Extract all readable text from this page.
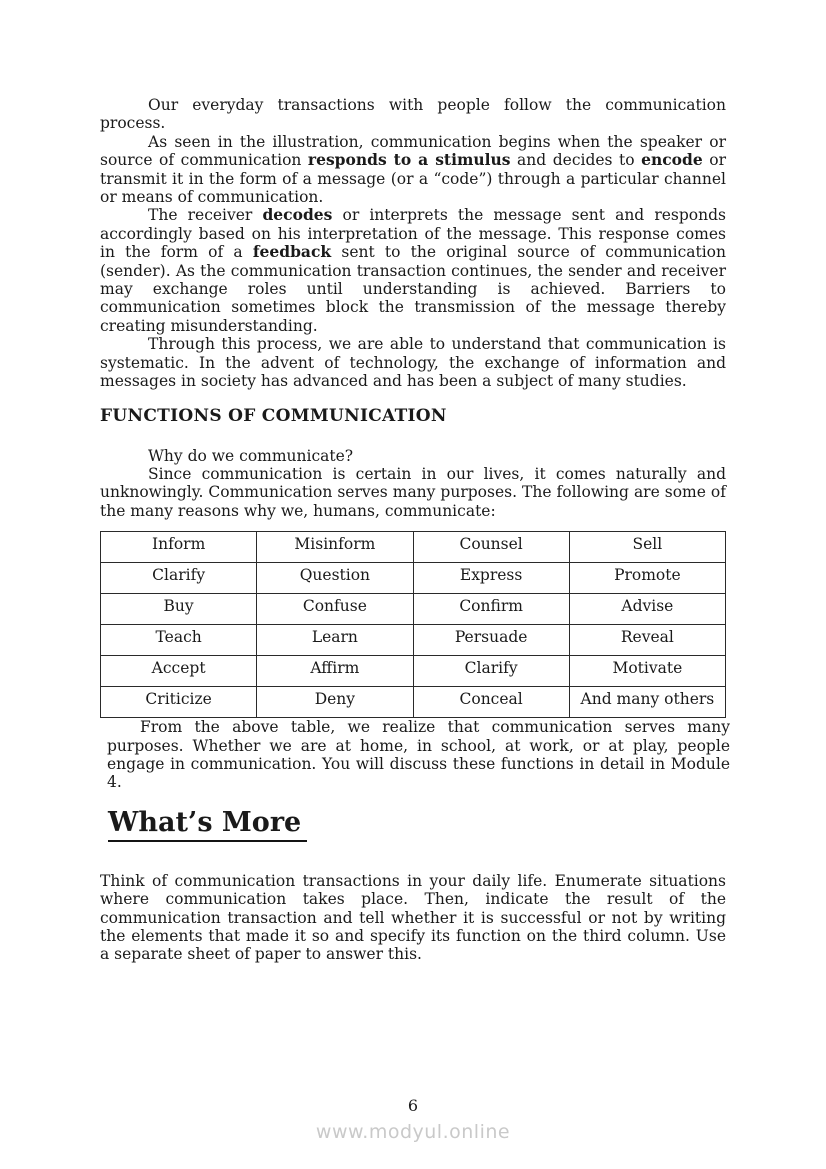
Our everyday transactions with people follow the communication process.

As seen in the illustration, communication begins when the speaker or source of communication responds to a stimulus and decides to encode or transmit it in the form of a message (or a “code”) through a particular channel or means of communication.

The receiver decodes or interprets the message sent and responds accordingly based on his interpretation of the message. This response comes in the form of a feedback sent to the original source of communication (sender). As the communication transaction continues, the sender and receiver may exchange roles until understanding is achieved. Barriers to communication sometimes block the transmission of the message thereby creating misunderstanding.

Through this process, we are able to understand that communication is systematic. In the advent of technology, the exchange of information and messages in society has advanced and has been a subject of many studies.

FUNCTIONS OF COMMUNICATION

Why do we communicate?

Since communication is certain in our lives, it comes naturally and unknowingly. Communication serves many purposes. The following are some of the many reasons why we, humans, communicate:

Inform	Misinform	Counsel	Sell
Clarify	Question	Express	Promote
Buy	Confuse	Confirm	Advise
Teach	Learn	Persuade	Reveal
Accept	Affirm	Clarify	Motivate
Criticize	Deny	Conceal	And many others

From the above table, we realize that communication serves many purposes. Whether we are at home, in school, at work, or at play, people engage in communication. You will discuss these functions in detail in Module 4.

What’s More

Think of communication transactions in your daily life. Enumerate situations where communication takes place. Then, indicate the result of the communication transaction and tell whether it is successful or not by writing the elements that made it so and specify its function on the third column. Use a separate sheet of paper to answer this.

6
www.modyul.online
